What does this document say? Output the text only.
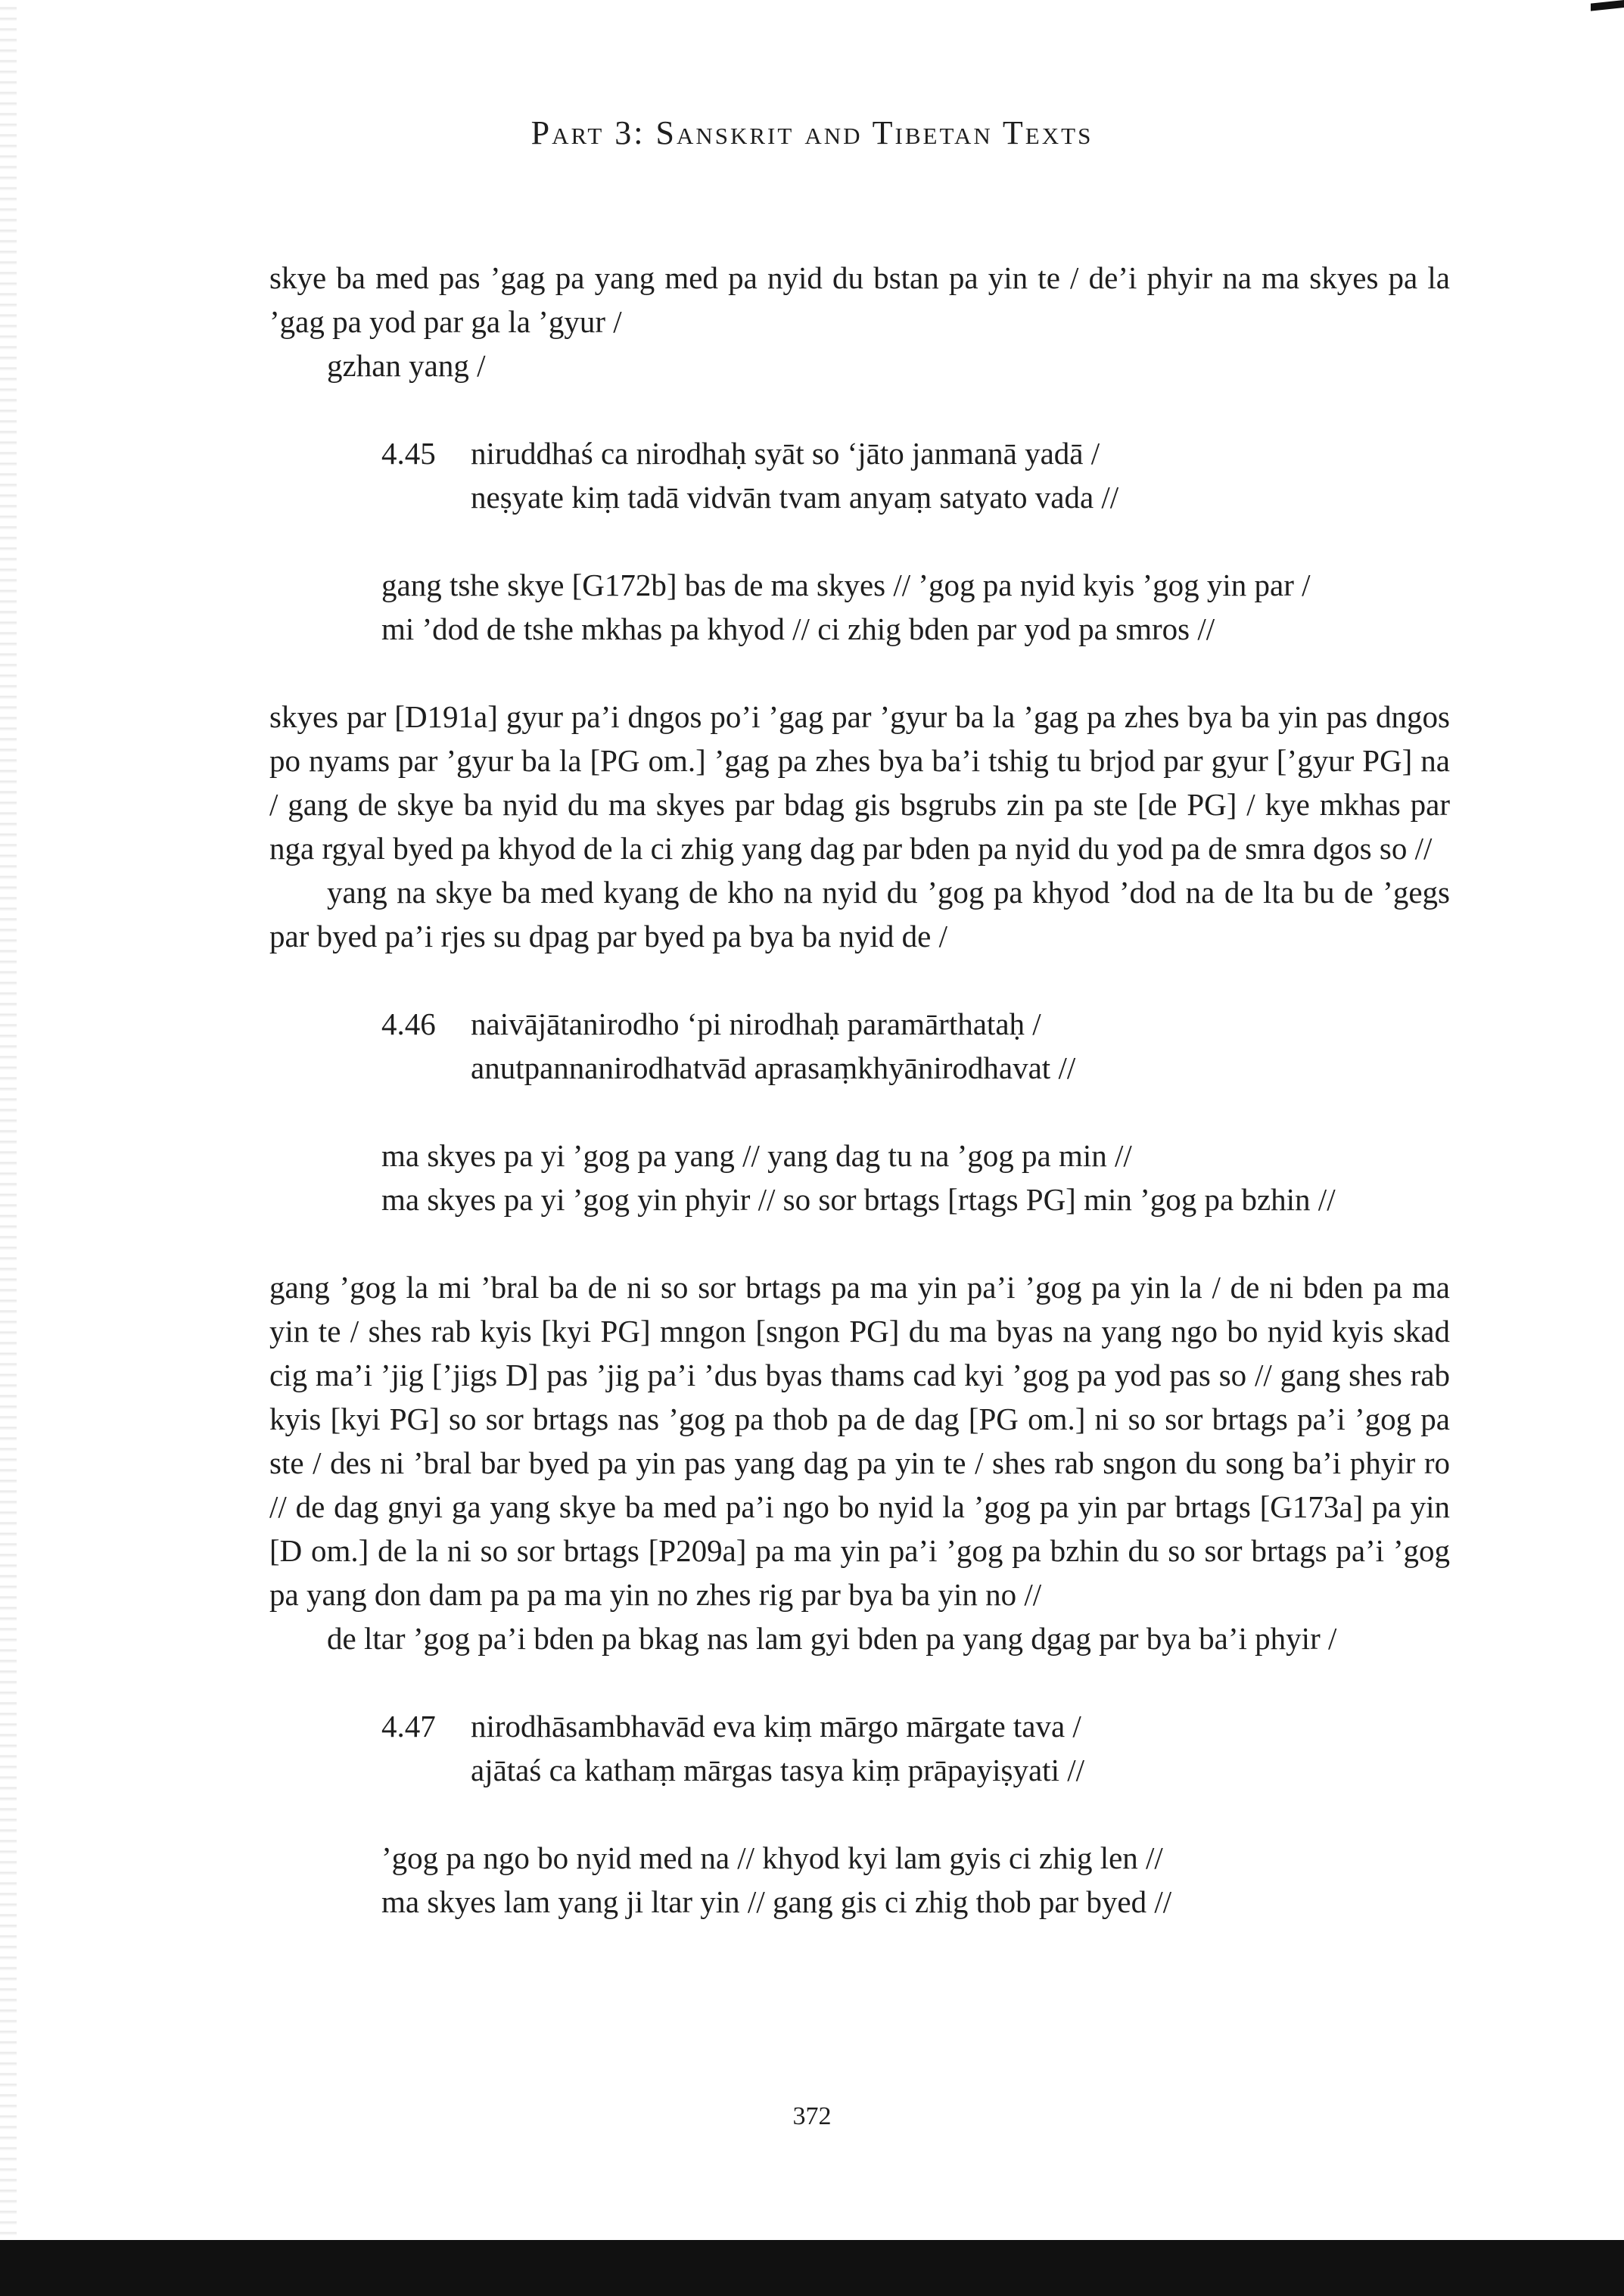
Part 3: Sanskrit and Tibetan Texts

skye ba med pas ’gag pa yang med pa nyid du bstan pa yin te / de’i phyir na ma skyes pa la ’gag pa yod par ga la ’gyur /

gzhan yang /

4.45 niruddhaś ca nirodhaḥ syāt so ‘jāto janmanā yadā /
neṣyate kiṃ tadā vidvān tvam anyaṃ satyato vada //
gang tshe skye [G172b] bas de ma skyes // ’gog pa nyid kyis ’gog yin par /
mi ’dod de tshe mkhas pa khyod // ci zhig bden par yod pa smros //

skyes par [D191a] gyur pa’i dngos po’i ’gag par ’gyur ba la ’gag pa zhes bya ba yin pas dngos po nyams par ’gyur ba la [PG om.] ’gag pa zhes bya ba’i tshig tu brjod par gyur [’gyur PG] na / gang de skye ba nyid du ma skyes par bdag gis bsgrubs zin pa ste [de PG] / kye mkhas par nga rgyal byed pa khyod de la ci zhig yang dag par bden pa nyid du yod pa de smra dgos so //

yang na skye ba med kyang de kho na nyid du ’gog pa khyod ’dod na de lta bu de ’gegs par byed pa’i rjes su dpag par byed pa bya ba nyid de /

4.46 naivājātanirodho ‘pi nirodhaḥ paramārthataḥ /
anutpannanirodhatvād aprasaṃkhyānirodhavat //
ma skyes pa yi ’gog pa yang // yang dag tu na ’gog pa min //
ma skyes pa yi ’gog yin phyir // so sor brtags [rtags PG] min ’gog pa bzhin //

gang ’gog la mi ’bral ba de ni so sor brtags pa ma yin pa’i ’gog pa yin la / de ni bden pa ma yin te / shes rab kyis [kyi PG] mngon [sngon PG] du ma byas na yang ngo bo nyid kyis skad cig ma’i ’jig [’jigs D] pas ’jig pa’i ’dus byas thams cad kyi ’gog pa yod pas so // gang shes rab kyis [kyi PG] so sor brtags nas ’gog pa thob pa de dag [PG om.] ni so sor brtags pa’i ’gog pa ste / des ni ’bral bar byed pa yin pas yang dag pa yin te / shes rab sngon du song ba’i phyir ro // de dag gnyi ga yang skye ba med pa’i ngo bo nyid la ’gog pa yin par brtags [G173a] pa yin [D om.] de la ni so sor brtags [P209a] pa ma yin pa’i ’gog pa bzhin du so sor brtags pa’i ’gog pa yang don dam pa pa ma yin no zhes rig par bya ba yin no //

de ltar ’gog pa’i bden pa bkag nas lam gyi bden pa yang dgag par bya ba’i phyir /

4.47 nirodhāsambhavād eva kiṃ mārgo mārgate tava /
ajātaś ca kathaṃ mārgas tasya kiṃ prāpayiṣyati //
’gog pa ngo bo nyid med na // khyod kyi lam gyis ci zhig len //
ma skyes lam yang ji ltar yin // gang gis ci zhig thob par byed //
372
